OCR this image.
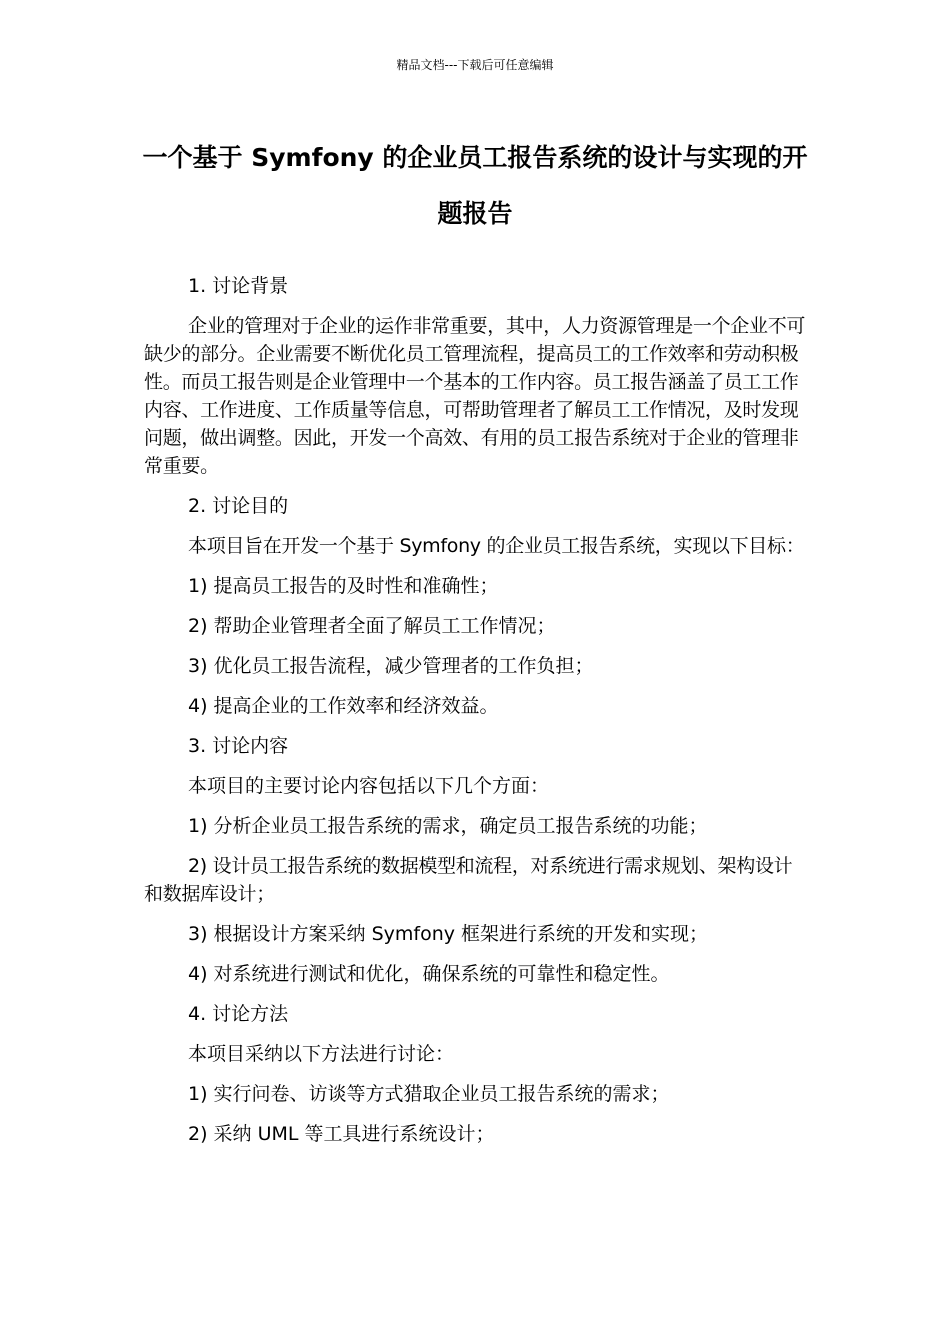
精品文档---下载后可任意编辑
一个基于 Symfony 的企业员工报告系统的设计与实现的开题报告

1. 讨论背景

企业的管理对于企业的运作非常重要，其中，人力资源管理是一个企业不可缺少的部分。企业需要不断优化员工管理流程，提高员工的工作效率和劳动积极性。而员工报告则是企业管理中一个基本的工作内容。员工报告涵盖了员工工作内容、工作进度、工作质量等信息，可帮助管理者了解员工工作情况，及时发现问题，做出调整。因此，开发一个高效、有用的员工报告系统对于企业的管理非常重要。

2. 讨论目的

本项目旨在开发一个基于 Symfony 的企业员工报告系统，实现以下目标：

1) 提高员工报告的及时性和准确性；

2) 帮助企业管理者全面了解员工工作情况；

3) 优化员工报告流程，减少管理者的工作负担；

4) 提高企业的工作效率和经济效益。

3. 讨论内容

本项目的主要讨论内容包括以下几个方面：

1) 分析企业员工报告系统的需求，确定员工报告系统的功能；

2) 设计员工报告系统的数据模型和流程，对系统进行需求规划、架构设计和数据库设计；

3) 根据设计方案采纳 Symfony 框架进行系统的开发和实现；

4) 对系统进行测试和优化，确保系统的可靠性和稳定性。

4. 讨论方法

本项目采纳以下方法进行讨论：

1) 实行问卷、访谈等方式猎取企业员工报告系统的需求；

2) 采纳 UML 等工具进行系统设计；
